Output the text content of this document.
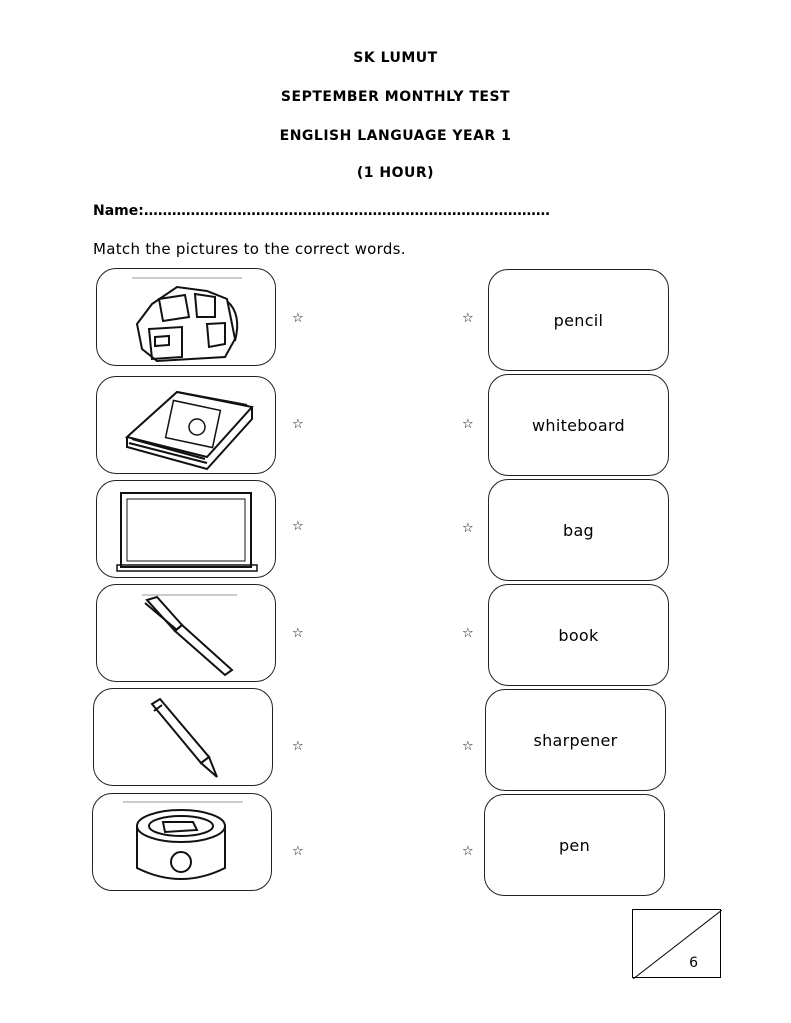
SK LUMUT
SEPTEMBER MONTHLY TEST
ENGLISH LANGUAGE YEAR 1
(1 HOUR)
Name:……………………………………………………………………………
Match the pictures to the correct words.
☆
☆
☆
☆
☆
☆
☆
☆
☆
☆
☆
☆
pencil
whiteboard
bag
book
sharpener
pen
6
